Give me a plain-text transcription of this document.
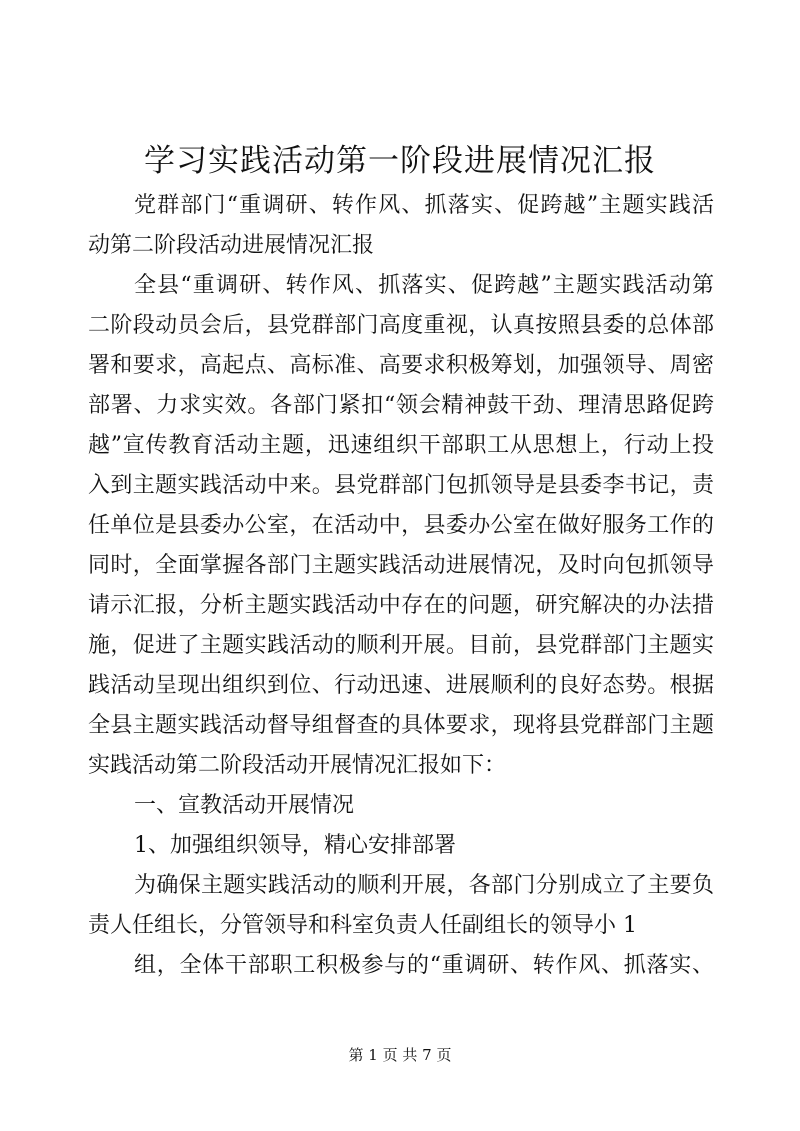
学习实践活动第一阶段进展情况汇报
党群部门“重调研、转作风、抓落实、促跨越”主题实践活
动第二阶段活动进展情况汇报
全县“重调研、转作风、抓落实、促跨越”主题实践活动第
二阶段动员会后，县党群部门高度重视，认真按照县委的总体部
署和要求，高起点、高标准、高要求积极筹划，加强领导、周密
部署、力求实效。各部门紧扣“领会精神鼓干劲、理清思路促跨
越”宣传教育活动主题，迅速组织干部职工从思想上，行动上投
入到主题实践活动中来。县党群部门包抓领导是县委李书记，责
任单位是县委办公室，在活动中，县委办公室在做好服务工作的
同时，全面掌握各部门主题实践活动进展情况，及时向包抓领导
请示汇报，分析主题实践活动中存在的问题，研究解决的办法措
施，促进了主题实践活动的顺利开展。目前，县党群部门主题实
践活动呈现出组织到位、行动迅速、进展顺利的良好态势。根据
全县主题实践活动督导组督查的具体要求，现将县党群部门主题
实践活动第二阶段活动开展情况汇报如下：
一、宣教活动开展情况
1、加强组织领导，精心安排部署
为确保主题实践活动的顺利开展，各部门分别成立了主要负
责人任组长，分管领导和科室负责人任副组长的领导小 1
组，全体干部职工积极参与的“重调研、转作风、抓落实、
第 1 页 共 7 页
